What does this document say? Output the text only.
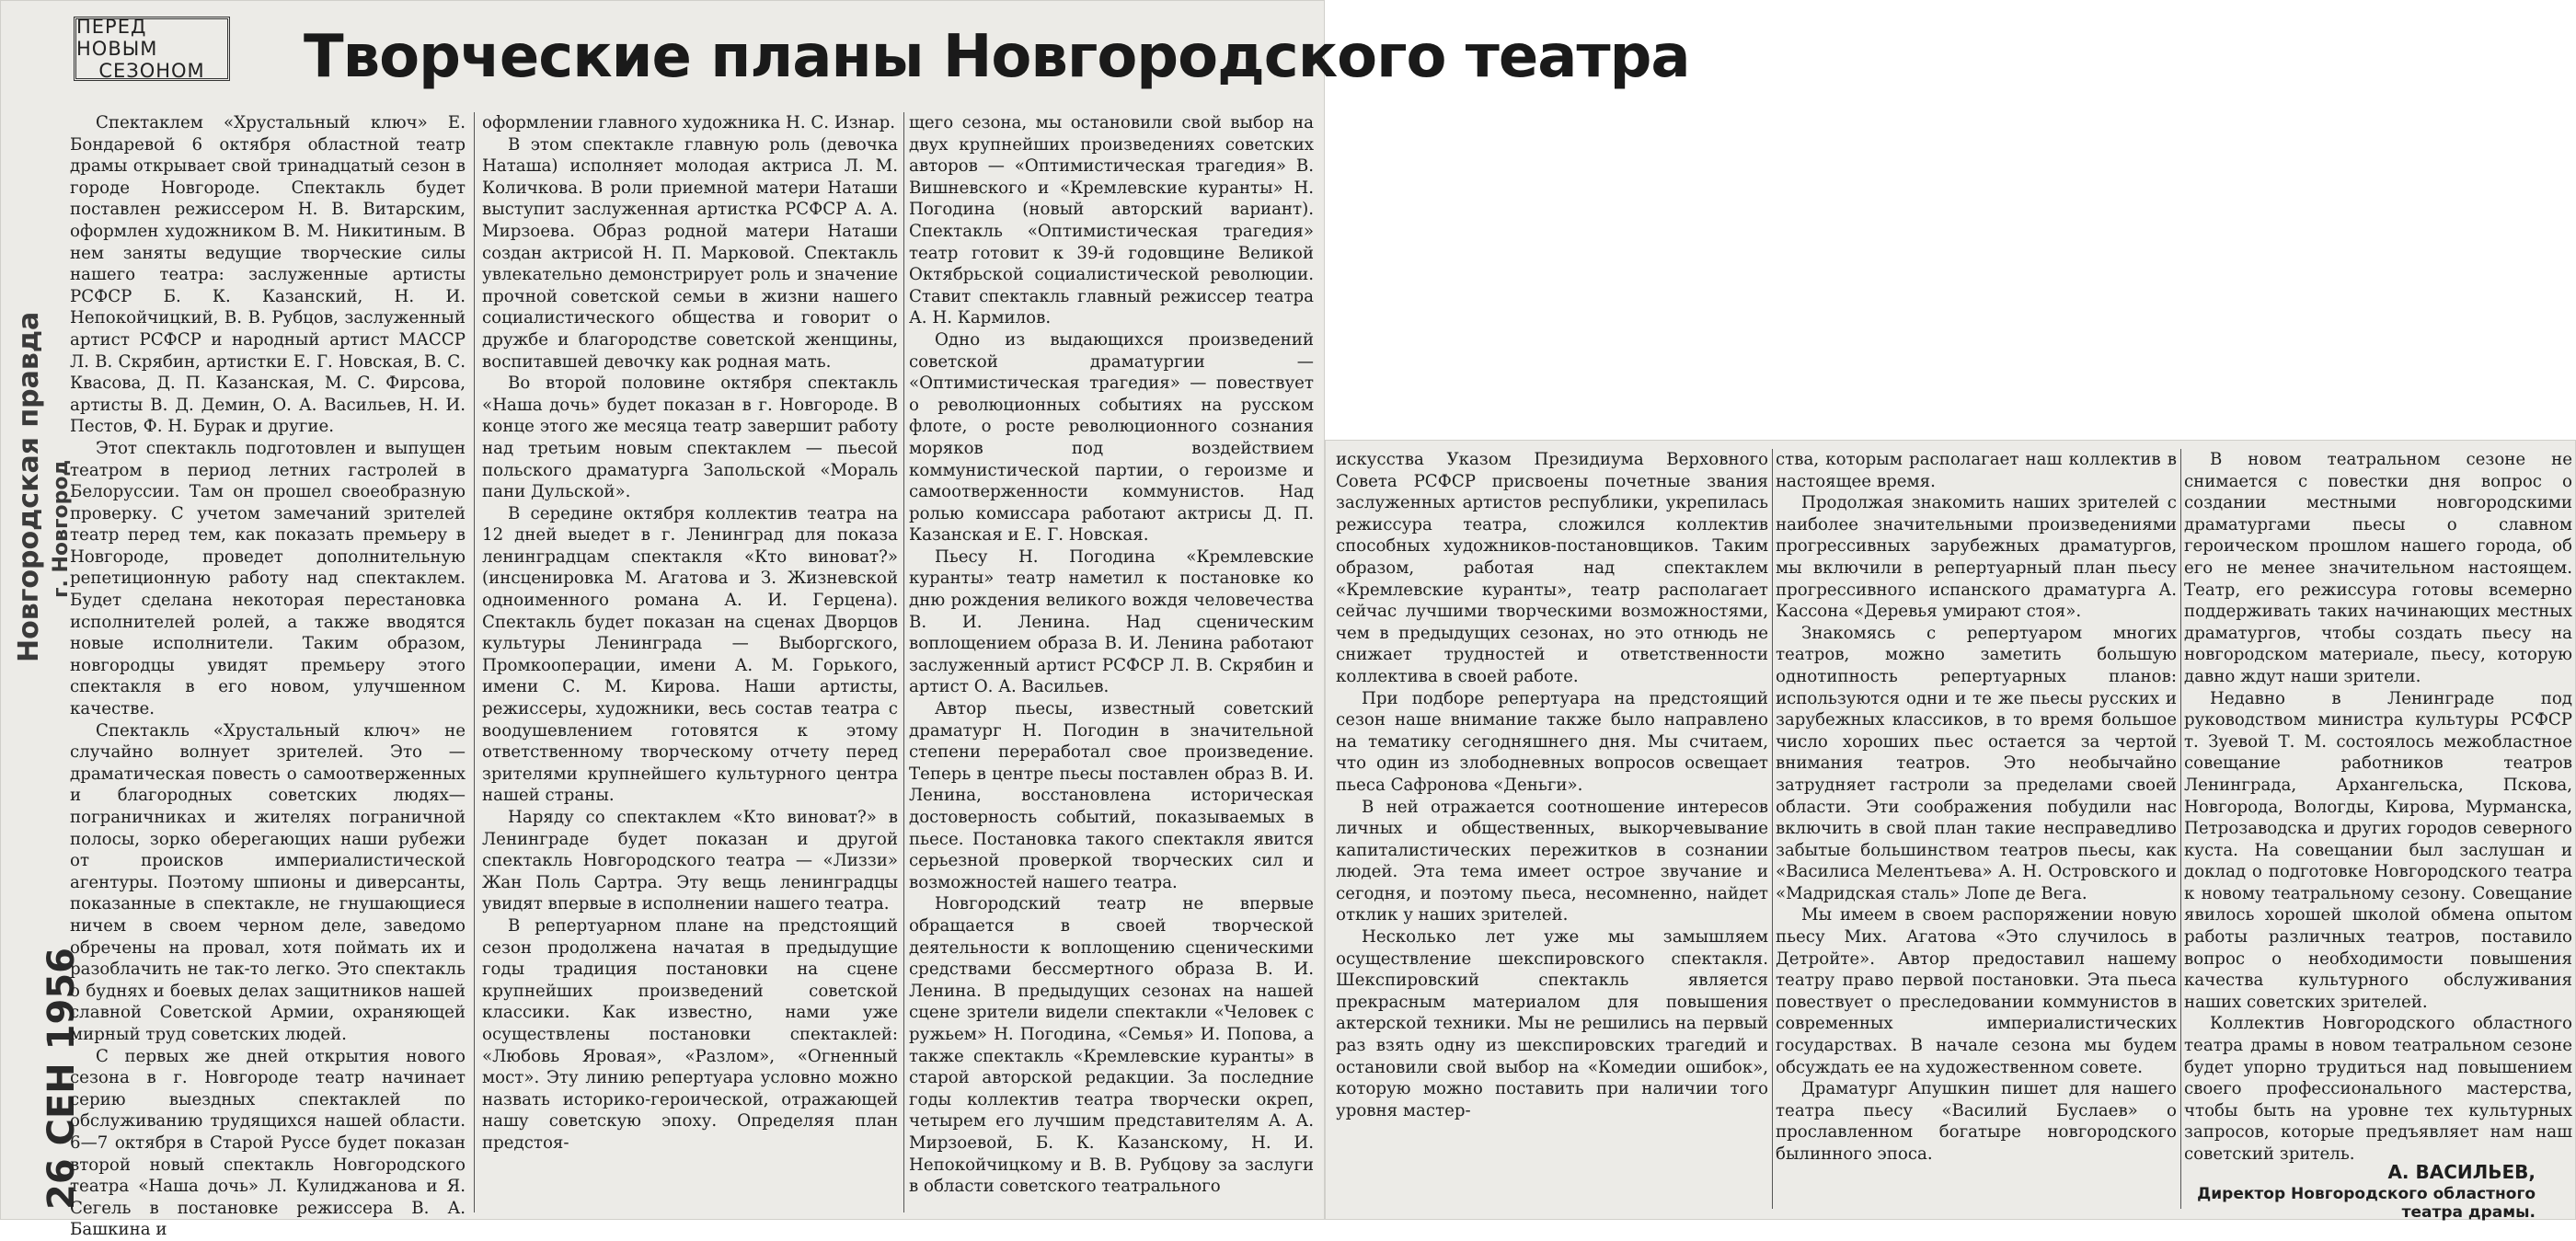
ПЕРЕД НОВЫМ
СЕЗОНОМ Творческие планы Новгородского театра
Новгородская правда г. Новгород
26 СЕН 1956

Спектаклем «Хрустальный ключ» Е. Бондаревой 6 октября областной театр драмы открывает свой тринадцатый сезон в городе Новгороде. Спектакль будет поставлен режиссером Н. В. Витарским, оформлен художником В. М. Никитиным. В нем заняты ведущие творческие силы нашего театра: заслуженные артисты РСФСР Б. К. Казанский, Н. И. Непокойчицкий, В. В. Рубцов, заслуженный артист РСФСР и народный артист МАССР Л. В. Скрябин, артистки Е. Г. Новская, В. С. Квасова, Д. П. Казанская, М. С. Фирсова, артисты В. Д. Демин, О. А. Васильев, Н. И. Пестов, Ф. Н. Бурак и другие.

Этот спектакль подготовлен и выпущен театром в период летних гастролей в Белоруссии. Там он прошел своеобразную проверку. С учетом замечаний зрителей театр перед тем, как показать премьеру в Новгороде, проведет дополнительную репетиционную работу над спектаклем. Будет сделана некоторая перестановка исполнителей ролей, а также вводятся новые исполнители. Таким образом, новгородцы увидят премьеру этого спектакля в его новом, улучшенном качестве.

Спектакль «Хрустальный ключ» не случайно волнует зрителей. Это — драматическая повесть о самоотверженных и благородных советских людях—пограничниках и жителях пограничной полосы, зорко оберегающих наши рубежи от происков империалистической агентуры. Поэтому шпионы и диверсанты, показанные в спектакле, не гнушающиеся ничем в своем черном деле, заведомо обречены на провал, хотя поймать их и разоблачить не так-то легко. Это спектакль о буднях и боевых делах защитников нашей славной Советской Армии, охраняющей мирный труд советских людей.

С первых же дней открытия нового сезона в г. Новгороде театр начинает серию выездных спектаклей по обслуживанию трудящихся нашей области. 6—7 октября в Старой Руссе будет показан второй новый спектакль Новгородского театра «Наша дочь» Л. Кулиджанова и Я. Сегель в постановке режиссера В. А. Башкина и

оформлении главного художника Н. С. Изнар.

В этом спектакле главную роль (девочка Наташа) исполняет молодая актриса Л. М. Количкова. В роли приемной матери Наташи выступит заслуженная артистка РСФСР А. А. Мирзоева. Образ родной матери Наташи создан актрисой Н. П. Марковой. Спектакль увлекательно демонстрирует роль и значение прочной советской семьи в жизни нашего социалистического общества и говорит о дружбе и благородстве советской женщины, воспитавшей девочку как родная мать.

Во второй половине октября спектакль «Наша дочь» будет показан в г. Новгороде. В конце этого же месяца театр завершит работу над третьим новым спектаклем — пьесой польского драматурга Запольской «Мораль пани Дульской».

В середине октября коллектив театра на 12 дней выедет в г. Ленинград для показа ленинградцам спектакля «Кто виноват?» (инсценировка М. Агатова и З. Жизневской одноименного романа А. И. Герцена). Спектакль будет показан на сценах Дворцов культуры Ленинграда — Выборгского, Промкооперации, имени А. М. Горького, имени С. М. Кирова. Наши артисты, режиссеры, художники, весь состав театра с воодушевлением готовятся к этому ответственному творческому отчету перед зрителями крупнейшего культурного центра нашей страны.

Наряду со спектаклем «Кто виноват?» в Ленинграде будет показан и другой спектакль Новгородского театра — «Лиззи» Жан Поль Сартра. Эту вещь ленинградцы увидят впервые в исполнении нашего театра.

В репертуарном плане на предстоящий сезон продолжена начатая в предыдущие годы традиция постановки на сцене крупнейших произведений советской классики. Как известно, нами уже осуществлены постановки спектаклей: «Любовь Яровая», «Разлом», «Огненный мост». Эту линию репертуара условно можно назвать историко-героической, отражающей нашу советскую эпоху. Определяя план предстоя-

щего сезона, мы остановили свой выбор на двух крупнейших произведениях советских авторов — «Оптимистическая трагедия» В. Вишневского и «Кремлевские куранты» Н. Погодина (новый авторский вариант). Спектакль «Оптимистическая трагедия» театр готовит к 39-й годовщине Великой Октябрьской социалистической революции. Ставит спектакль главный режиссер театра А. Н. Кармилов.

Одно из выдающихся произведений советской драматургии — «Оптимистическая трагедия» — повествует о революционных событиях на русском флоте, о росте революционного сознания моряков под воздействием коммунистической партии, о героизме и самоотверженности коммунистов. Над ролью комиссара работают актрисы Д. П. Казанская и Е. Г. Новская.

Пьесу Н. Погодина «Кремлевские куранты» театр наметил к постановке ко дню рождения великого вождя человечества В. И. Ленина. Над сценическим воплощением образа В. И. Ленина работают заслуженный артист РСФСР Л. В. Скрябин и артист О. А. Васильев.

Автор пьесы, известный советский драматург Н. Погодин в значительной степени переработал свое произведение. Теперь в центре пьесы поставлен образ В. И. Ленина, восстановлена историческая достоверность событий, показываемых в пьесе. Постановка такого спектакля явится серьезной проверкой творческих сил и возможностей нашего театра.

Новгородский театр не впервые обращается в своей творческой деятельности к воплощению сценическими средствами бессмертного образа В. И. Ленина. В предыдущих сезонах на нашей сцене зрители видели спектакли «Человек с ружьем» Н. Погодина, «Семья» И. Попова, а также спектакль «Кремлевские куранты» в старой авторской редакции. За последние годы коллектив театра творчески окреп, четырем его лучшим представителям А. А. Мирзоевой, Б. К. Казанскому, Н. И. Непокойчицкому и В. В. Рубцову за заслуги в области советского театрального

искусства Указом Президиума Верховного Совета РСФСР присвоены почетные звания заслуженных артистов республики, укрепилась режиссура театра, сложился коллектив способных художников-постановщиков. Таким образом, работая над спектаклем «Кремлевские куранты», театр располагает сейчас лучшими творческими возможностями, чем в предыдущих сезонах, но это отнюдь не снижает трудностей и ответственности коллектива в своей работе.

При подборе репертуара на предстоящий сезон наше внимание также было направлено на тематику сегодняшнего дня. Мы считаем, что один из злободневных вопросов освещает пьеса Сафронова «Деньги».

В ней отражается соотношение интересов личных и общественных, выкорчевывание капиталистических пережитков в сознании людей. Эта тема имеет острое звучание и сегодня, и поэтому пьеса, несомненно, найдет отклик у наших зрителей.

Несколько лет уже мы замышляем осуществление шекспировского спектакля. Шекспировский спектакль является прекрасным материалом для повышения актерской техники. Мы не решились на первый раз взять одну из шекспировских трагедий и остановили свой выбор на «Комедии ошибок», которую можно поставить при наличии того уровня мастер-

ства, которым располагает наш коллектив в настоящее время.

Продолжая знакомить наших зрителей с наиболее значительными произведениями прогрессивных зарубежных драматургов, мы включили в репертуарный план пьесу прогрессивного испанского драматурга А. Кассона «Деревья умирают стоя».

Знакомясь с репертуаром многих театров, можно заметить большую однотипность репертуарных планов: используются одни и те же пьесы русских и зарубежных классиков, в то время большое число хороших пьес остается за чертой внимания театров. Это необычайно затрудняет гастроли за пределами своей области. Эти соображения побудили нас включить в свой план такие несправедливо забытые большинством театров пьесы, как «Василиса Мелентьева» А. Н. Островского и «Мадридская сталь» Лопе де Вега.

Мы имеем в своем распоряжении новую пьесу Мих. Агатова «Это случилось в Детройте». Автор предоставил нашему театру право первой постановки. Эта пьеса повествует о преследовании коммунистов в современных империалистических государствах. В начале сезона мы будем обсуждать ее на художественном совете.

Драматург Апушкин пишет для нашего театра пьесу «Василий Буслаев» о прославленном богатыре новгородского былинного эпоса.

В новом театральном сезоне не снимается с повестки дня вопрос о создании местными новгородскими драматургами пьесы о славном героическом прошлом нашего города, об его не менее значительном настоящем. Театр, его режиссура готовы всемерно поддерживать таких начинающих местных драматургов, чтобы создать пьесу на новгородском материале, пьесу, которую давно ждут наши зрители.

Недавно в Ленинграде под руководством министра культуры РСФСР т. Зуевой Т. М. состоялось межобластное совещание работников театров Ленинграда, Архангельска, Пскова, Новгорода, Вологды, Кирова, Мурманска, Петрозаводска и других городов северного куста. На совещании был заслушан и доклад о подготовке Новгородского театра к новому театральному сезону. Совещание явилось хорошей школой обмена опытом работы различных театров, поставило вопрос о необходимости повышения качества культурного обслуживания наших советских зрителей.

Коллектив Новгородского областного театра драмы в новом театральном сезоне будет упорно трудиться над повышением своего профессионального мастерства, чтобы быть на уровне тех культурных запросов, которые предъявляет нам наш советский зритель.

А. ВАСИЛЬЕВ,
Директор Новгородского областного
театра драмы.
